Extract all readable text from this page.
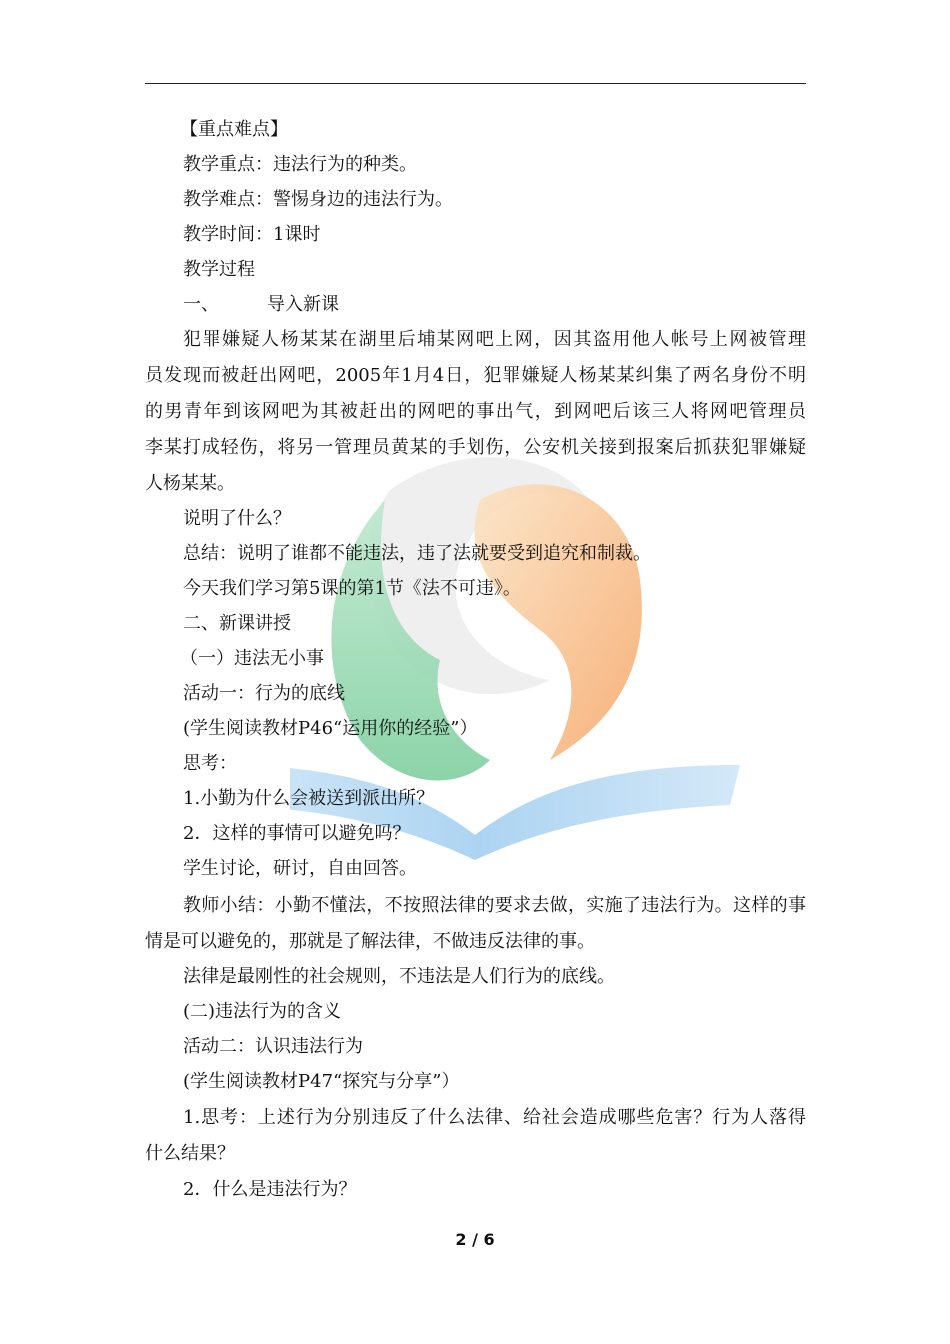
【重点难点】
教学重点：违法行为的种类。
教学难点：警惕身边的违法行为。
教学时间：1课时
教学过程
一、	导入新课
犯罪嫌疑人杨某某在湖里后埔某网吧上网，因其盗用他人帐号上网被管理
员发现而被赶出网吧，2005年1月4日，犯罪嫌疑人杨某某纠集了两名身份不明
的男青年到该网吧为其被赶出的网吧的事出气，到网吧后该三人将网吧管理员
李某打成轻伤，将另一管理员黄某的手划伤，公安机关接到报案后抓获犯罪嫌疑
人杨某某。
说明了什么？
总结：说明了谁都不能违法，违了法就要受到追究和制裁。
今天我们学习第5课的第1节《法不可违》。
二、新课讲授
（一）违法无小事
活动一：行为的底线
(学生阅读教材P46“运用你的经验”）
思考：
1.小勤为什么会被送到派出所？
2．这样的事情可以避免吗？
学生讨论，研讨，自由回答。
教师小结：小勤不懂法，不按照法律的要求去做，实施了违法行为。这样的事
情是可以避免的，那就是了解法律，不做违反法律的事。
法律是最刚性的社会规则，不违法是人们行为的底线。
(二)违法行为的含义
活动二：认识违法行为
(学生阅读教材P47“探究与分享”）
1.思考：上述行为分别违反了什么法律、给社会造成哪些危害？行为人落得
什么结果？
2．什么是违法行为？
2 / 6
